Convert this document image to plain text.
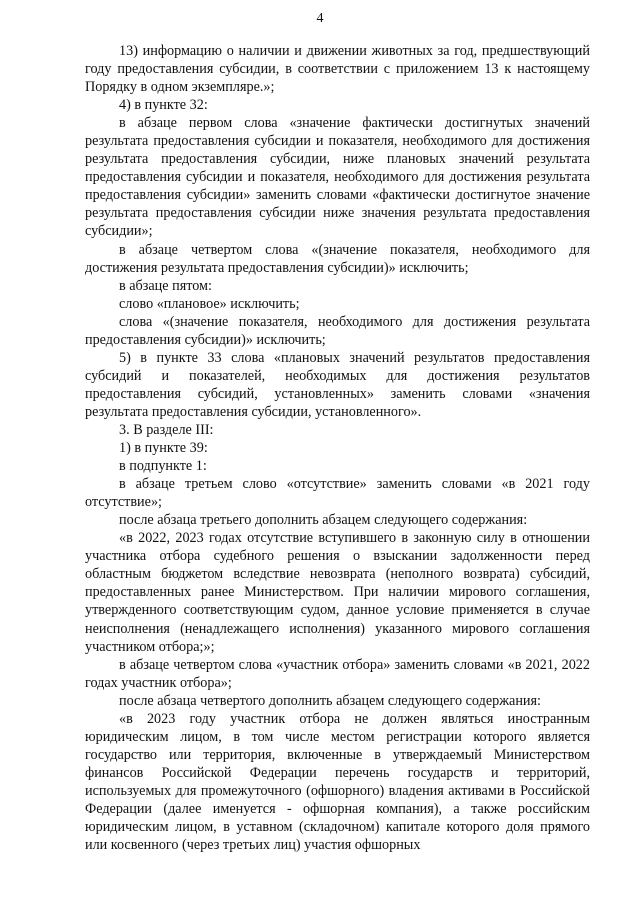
4

13) информацию о наличии и движении животных за год, предшествующий году предоставления субсидии, в соответствии с приложением 13 к настоящему Порядку в одном экземпляре.»;

4) в пункте 32:

в абзаце первом слова «значение фактически достигнутых значений результата предоставления субсидии и показателя, необходимого для достижения результата предоставления субсидии, ниже плановых значений результата предоставления субсидии и показателя, необходимого для достижения результата предоставления субсидии» заменить словами «фактически достигнутое значение результата предоставления субсидии ниже значения результата предоставления субсидии»;

в абзаце четвертом слова «(значение показателя, необходимого для достижения результата предоставления субсидии)» исключить;

в абзаце пятом:

слово «плановое» исключить;

слова «(значение показателя, необходимого для достижения результата предоставления субсидии)» исключить;

5) в пункте 33 слова «плановых значений результатов предоставления субсидий и показателей, необходимых для достижения результатов предоставления субсидий, установленных» заменить словами «значения результата предоставления субсидии, установленного».

3. В разделе III:

1) в пункте 39:

в подпункте 1:

в абзаце третьем слово «отсутствие» заменить словами «в 2021 году отсутствие»;

после абзаца третьего дополнить абзацем следующего содержания:

«в 2022, 2023 годах отсутствие вступившего в законную силу в отношении участника отбора судебного решения о взыскании задолженности перед областным бюджетом вследствие невозврата (неполного возврата) субсидий, предоставленных ранее Министерством. При наличии мирового соглашения, утвержденного соответствующим судом, данное условие применяется в случае неисполнения (ненадлежащего исполнения) указанного мирового соглашения участником отбора;»;

в абзаце четвертом слова «участник отбора» заменить словами «в 2021, 2022 годах участник отбора»;

после абзаца четвертого дополнить абзацем следующего содержания:

«в 2023 году участник отбора не должен являться иностранным юридическим лицом, в том числе местом регистрации которого является государство или территория, включенные в утверждаемый Министерством финансов Российской Федерации перечень государств и территорий, используемых для промежуточного (офшорного) владения активами в Российской Федерации (далее именуется - офшорная компания), а также российским юридическим лицом, в уставном (складочном) капитале которого доля прямого или косвенного (через третьих лиц) участия офшорных
